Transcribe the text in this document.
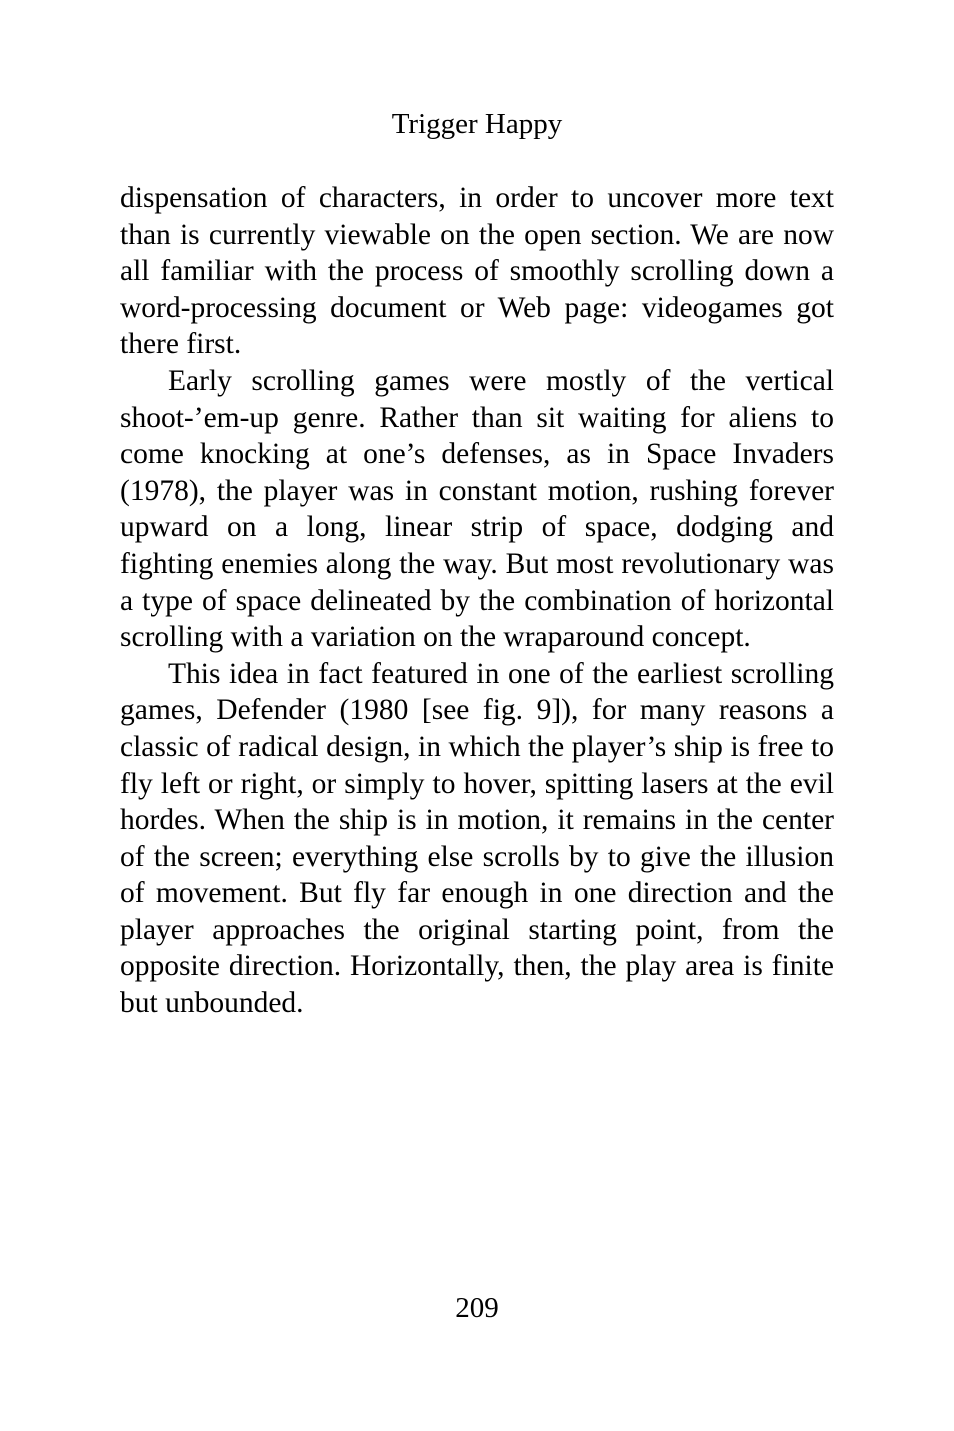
Trigger Happy

dispensation of characters, in order to uncover more text than is currently viewable on the open section. We are now all familiar with the process of smoothly scrolling down a word-processing document or Web page: videogames got there first.

Early scrolling games were mostly of the vertical shoot-’em-up genre. Rather than sit waiting for aliens to come knocking at one’s defenses, as in Space Invaders (1978), the player was in constant motion, rushing forever upward on a long, linear strip of space, dodging and fighting enemies along the way. But most revolutionary was a type of space delineated by the combination of horizontal scrolling with a variation on the wraparound concept.

This idea in fact featured in one of the earliest scrolling games, Defender (1980 [see fig. 9]), for many reasons a classic of radical design, in which the player’s ship is free to fly left or right, or simply to hover, spitting lasers at the evil hordes. When the ship is in motion, it remains in the center of the screen; everything else scrolls by to give the illusion of movement. But fly far enough in one direction and the player approaches the original starting point, from the opposite direction. Horizontally, then, the play area is finite but unbounded.

209
